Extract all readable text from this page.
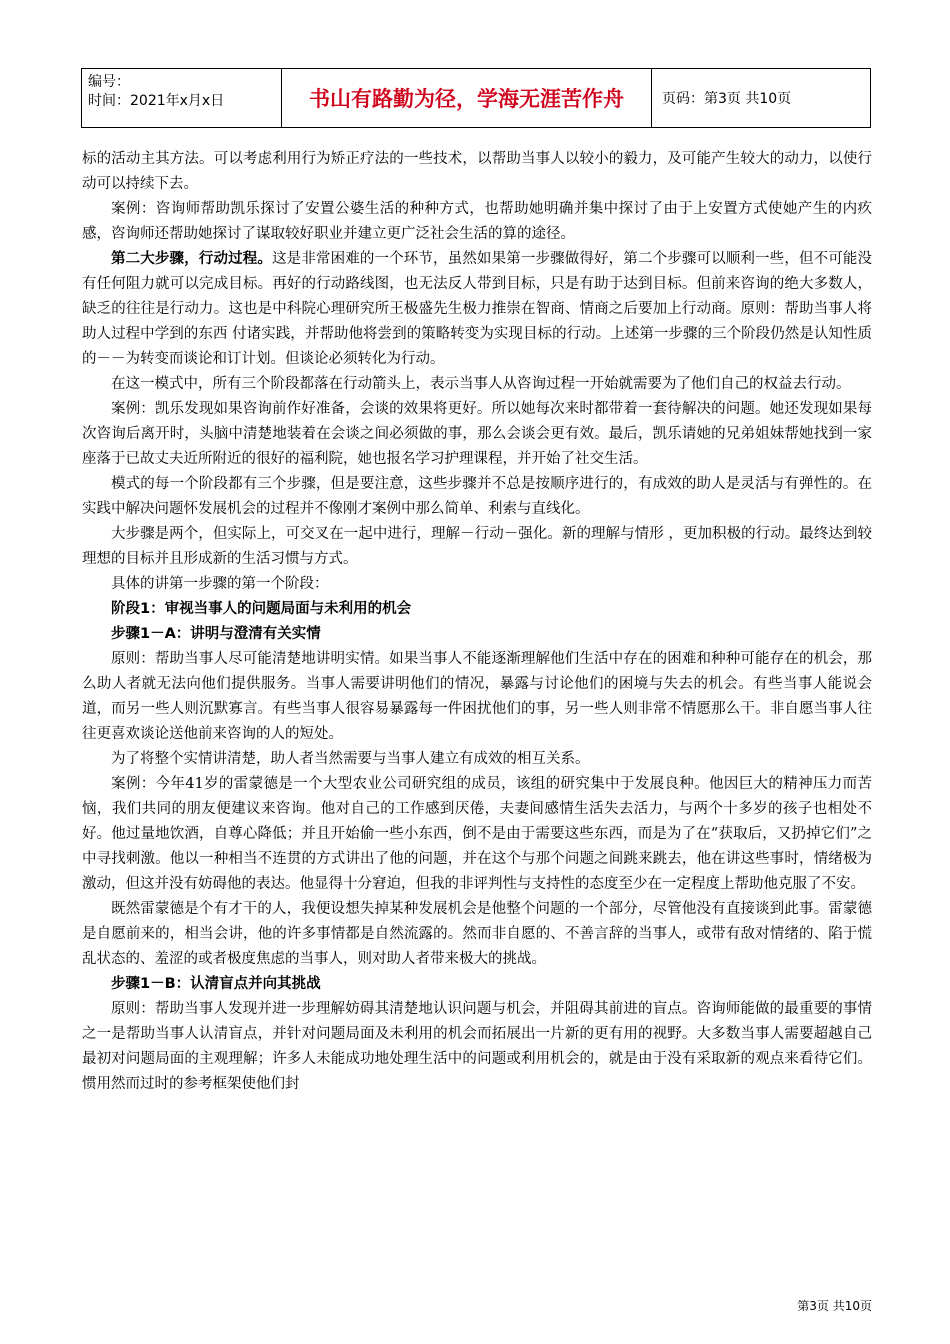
编号：
时间：2021年x月x日	书山有路勤为径，学海无涯苦作舟	页码：第3页 共10页

标的活动主其方法。可以考虑利用行为矫正疗法的一些技术，以帮助当事人以较小的毅力，及可能产生较大的动力，以使行动可以持续下去。

案例：咨询师帮助凯乐探讨了安置公婆生活的种种方式，也帮助她明确并集中探讨了由于上安置方式使她产生的内疚感，咨询师还帮助她探讨了谋取较好职业并建立更广泛社会生活的算的途径。

第二大步骤，行动过程。这是非常困难的一个环节，虽然如果第一步骤做得好，第二个步骤可以顺利一些，但不可能没有任何阻力就可以完成目标。再好的行动路线图，也无法反人带到目标，只是有助于达到目标。但前来咨询的绝大多数人，缺乏的往往是行动力。这也是中科院心理研究所王极盛先生极力推崇在智商、情商之后要加上行动商。原则：帮助当事人将助人过程中学到的东西 付诸实践，并帮助他将尝到的策略转变为实现目标的行动。上述第一步骤的三个阶段仍然是认知性质的－－为转变而谈论和订计划。但谈论必须转化为行动。

在这一模式中，所有三个阶段都落在行动箭头上，表示当事人从咨询过程一开始就需要为了他们自己的权益去行动。

案例：凯乐发现如果咨询前作好准备，会谈的效果将更好。所以她每次来时都带着一套待解决的问题。她还发现如果每次咨询后离开时，头脑中清楚地装着在会谈之间必须做的事，那么会谈会更有效。最后，凯乐请她的兄弟姐妹帮她找到一家座落于已故丈夫近所附近的很好的福利院，她也报名学习护理课程，并开始了社交生活。

模式的每一个阶段都有三个步骤，但是要注意，这些步骤并不总是按顺序进行的，有成效的助人是灵活与有弹性的。在实践中解决问题怀发展机会的过程并不像刚才案例中那么简单、利索与直线化。

大步骤是两个，但实际上，可交叉在一起中进行，理解－行动－强化。新的理解与情形 ，更加积极的行动。最终达到较理想的目标并且形成新的生活习惯与方式。

具体的讲第一步骤的第一个阶段：

阶段1：审视当事人的问题局面与未利用的机会

步骤1－A：讲明与澄清有关实情

原则：帮助当事人尽可能清楚地讲明实情。如果当事人不能逐渐理解他们生活中存在的困难和种种可能存在的机会，那么助人者就无法向他们提供服务。当事人需要讲明他们的情况，暴露与讨论他们的困境与失去的机会。有些当事人能说会道，而另一些人则沉默寡言。有些当事人很容易暴露每一件困扰他们的事，另一些人则非常不情愿那么干。非自愿当事人往往更喜欢谈论送他前来咨询的人的短处。

为了将整个实情讲清楚，助人者当然需要与当事人建立有成效的相互关系。

案例：今年41岁的雷蒙德是一个大型农业公司研究组的成员，该组的研究集中于发展良种。他因巨大的精神压力而苦恼，我们共同的朋友便建议来咨询。他对自己的工作感到厌倦，夫妻间感情生活失去活力，与两个十多岁的孩子也相处不好。他过量地饮酒，自尊心降低；并且开始偷一些小东西，倒不是由于需要这些东西，而是为了在“获取后，又扔掉它们”之中寻找刺激。他以一种相当不连贯的方式讲出了他的问题，并在这个与那个问题之间跳来跳去，他在讲这些事时，情绪极为激动，但这并没有妨碍他的表达。他显得十分窘迫，但我的非评判性与支持性的态度至少在一定程度上帮助他克服了不安。

既然雷蒙德是个有才干的人，我便设想失掉某种发展机会是他整个问题的一个部分，尽管他没有直接谈到此事。雷蒙德是自愿前来的，相当会讲，他的许多事情都是自然流露的。然而非自愿的、不善言辞的当事人，或带有敌对情绪的、陷于慌乱状态的、羞涩的或者极度焦虑的当事人，则对助人者带来极大的挑战。

步骤1－B：认清盲点并向其挑战

原则：帮助当事人发现并进一步理解妨碍其清楚地认识问题与机会，并阻碍其前进的盲点。咨询师能做的最重要的事情之一是帮助当事人认清盲点，并针对问题局面及未利用的机会而拓展出一片新的更有用的视野。大多数当事人需要超越自己最初对问题局面的主观理解；许多人未能成功地处理生活中的问题或利用机会的，就是由于没有采取新的观点来看待它们。惯用然而过时的参考框架使他们封

第3页 共10页
